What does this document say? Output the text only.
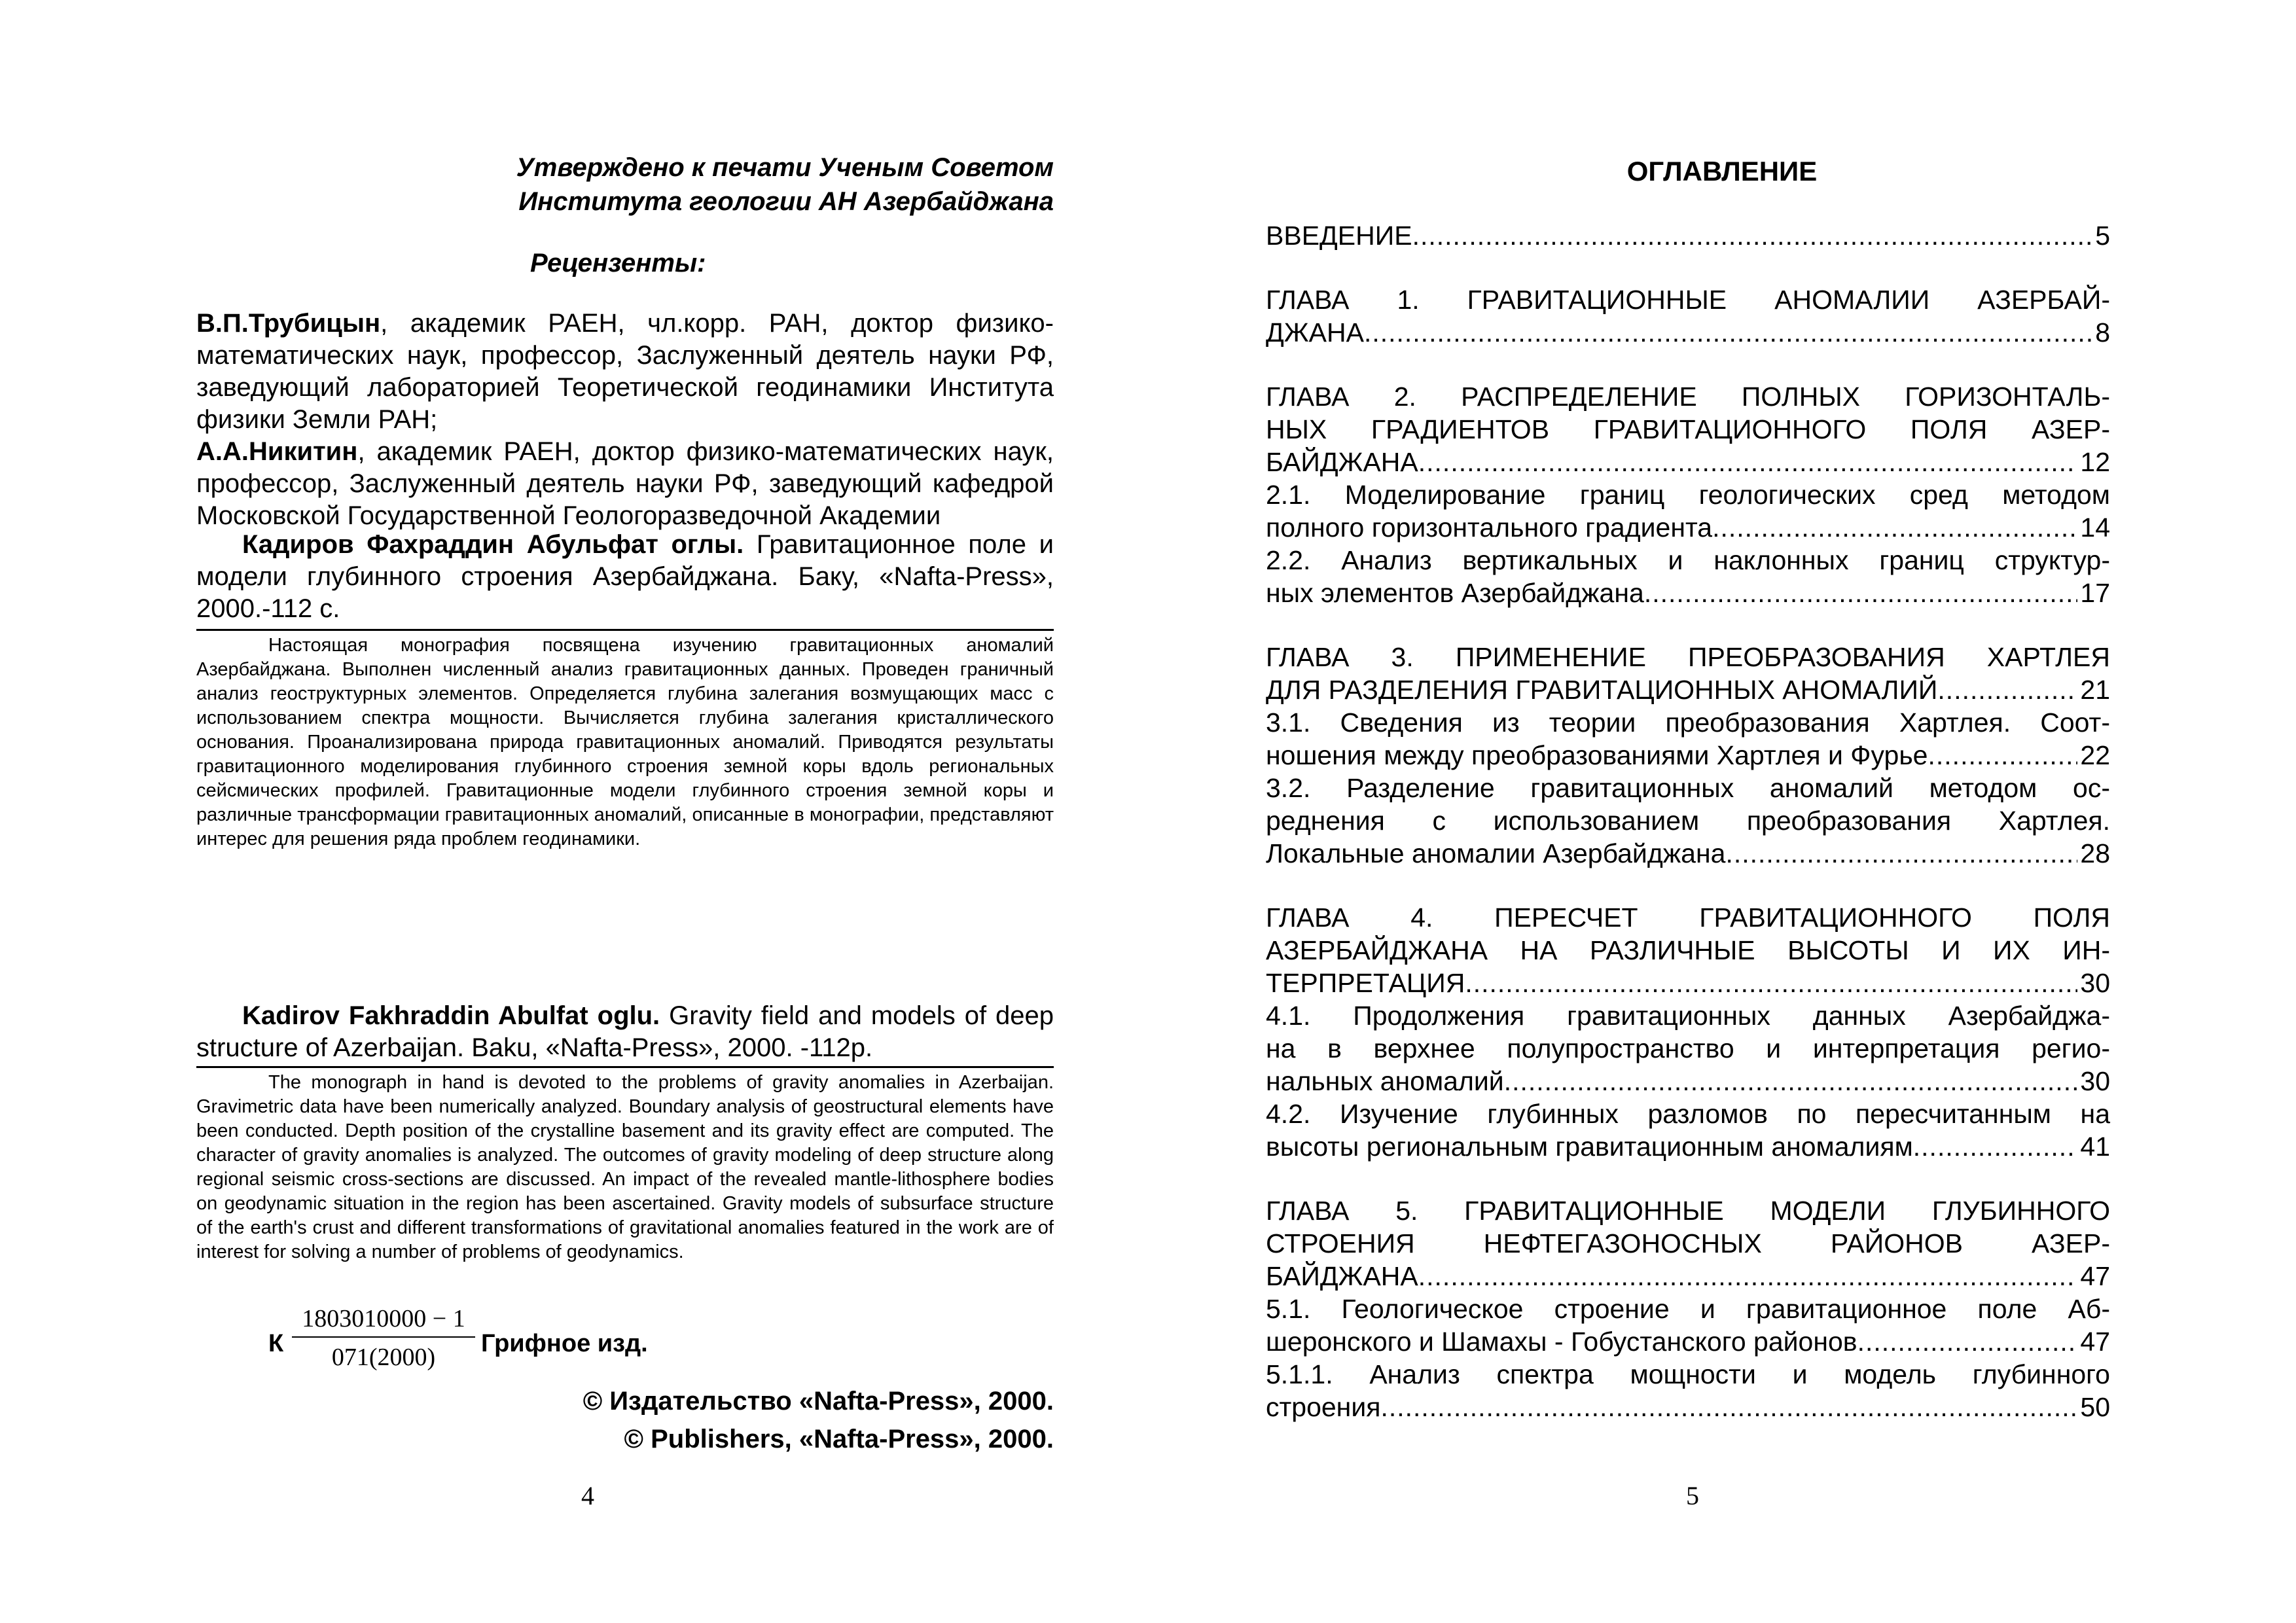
Утверждено к печати Ученым Советом
Института геологии АН Азербайджана
Рецензенты:

В.П.Трубицын, академик РАЕН, чл.корр. РАН, доктор физико-математических наук, профессор, Заслуженный деятель науки РФ, заведующий лабораторией Теоретической геодинамики Института физики Земли РАН;

А.А.Никитин, академик РАЕН, доктор физико-математических наук, профессор, Заслуженный деятель науки РФ, заведующий кафедрой Московской Государственной Геологоразведочной Академии

Кадиров Фахраддин Абульфат оглы. Гравитационное поле и модели глубинного строения Азербайджана. Баку, «Nafta-Press», 2000.-112 с.

Настоящая монография посвящена изучению гравитационных аномалий Азербайджана. Выполнен численный анализ гравитационных данных. Проведен граничный анализ геоструктурных элементов. Определяется глубина залегания возмущающих масс с использованием спектра мощности. Вычисляется глубина залегания кристаллического основания. Проанализирована природа гравитационных аномалий. Приводятся результаты гравитационного моделирования глубинного строения земной коры вдоль региональных сейсмических профилей. Гравитационные модели глубинного строения земной коры и различные трансформации гравитационных аномалий, описанные в монографии, представляют интерес для решения ряда проблем геодинамики.

Kadirov Fakhraddin Abulfat oglu. Gravity field and models of deep structure of Azerbaijan. Baku, «Nafta-Press», 2000. -112p.

The monograph in hand is devoted to the problems of gravity anomalies in Azerbaijan. Gravimetric data have been numerically analyzed. Boundary analysis of geostructural elements have been conducted. Depth position of the crystalline basement and its gravity effect are computed. The character of gravity anomalies is analyzed. The outcomes of gravity modeling of deep structure along regional seismic cross-sections are discussed. An impact of the revealed mantle-lithosphere bodies on geodynamic situation in the region has been ascertained. Gravity models of subsurface structure of the earth's crust and different transformations of gravitational anomalies featured in the work are of interest for solving a number of problems of geodynamics.

К
1803010000 − 1
071(2000)	Грифное изд.
© Издательство «Nafta-Press», 2000.
© Publishers, «Nafta-Press», 2000.
4
ОГЛАВЛЕНИЕ
ВВЕДЕНИЕ .....	5
ГЛАВА 1. ГРАВИТАЦИОННЫЕ АНОМАЛИИ АЗЕРБАЙ-
ДЖАНА .....	8
ГЛАВА 2. РАСПРЕДЕЛЕНИЕ ПОЛНЫХ ГОРИЗОНТАЛЬ-
НЫХ ГРАДИЕНТОВ ГРАВИТАЦИОННОГО ПОЛЯ АЗЕР-
БАЙДЖАНА .....	12
2.1. Моделирование границ геологических сред методом
полного горизонтального градиента .....	14
2.2. Анализ вертикальных и наклонных границ структур-
ных элементов Азербайджана .....	17
ГЛАВА 3. ПРИМЕНЕНИЕ ПРЕОБРАЗОВАНИЯ ХАРТЛЕЯ
ДЛЯ РАЗДЕЛЕНИЯ ГРАВИТАЦИОННЫХ АНОМАЛИЙ .....	21
3.1. Сведения из теории преобразования Хартлея. Соот-
ношения между преобразованиями Хартлея и Фурье .....	22
3.2. Разделение гравитационных аномалий методом ос-
реднения с использованием преобразования Хартлея.
Локальные аномалии Азербайджана .....	28
ГЛАВА 4. ПЕРЕСЧЕТ ГРАВИТАЦИОННОГО ПОЛЯ
АЗЕРБАЙДЖАНА НА РАЗЛИЧНЫЕ ВЫСОТЫ И ИХ ИН-
ТЕРПРЕТАЦИЯ .....	30
4.1. Продолжения гравитационных данных Азербайджа-
на в верхнее полупространство и интерпретация регио-
нальных аномалий .....	30
4.2. Изучение глубинных разломов по пересчитанным на
высоты региональным гравитационным аномалиям .....	41
ГЛАВА 5. ГРАВИТАЦИОННЫЕ МОДЕЛИ ГЛУБИННОГО
СТРОЕНИЯ НЕФТЕГАЗОНОСНЫХ РАЙОНОВ АЗЕР-
БАЙДЖАНА .....	47
5.1. Геологическое строение и гравитационное поле Аб-
шеронского и Шамахы - Гобустанского районов .....	47
5.1.1. Анализ спектра мощности и модель глубинного
строения .....	50
5
